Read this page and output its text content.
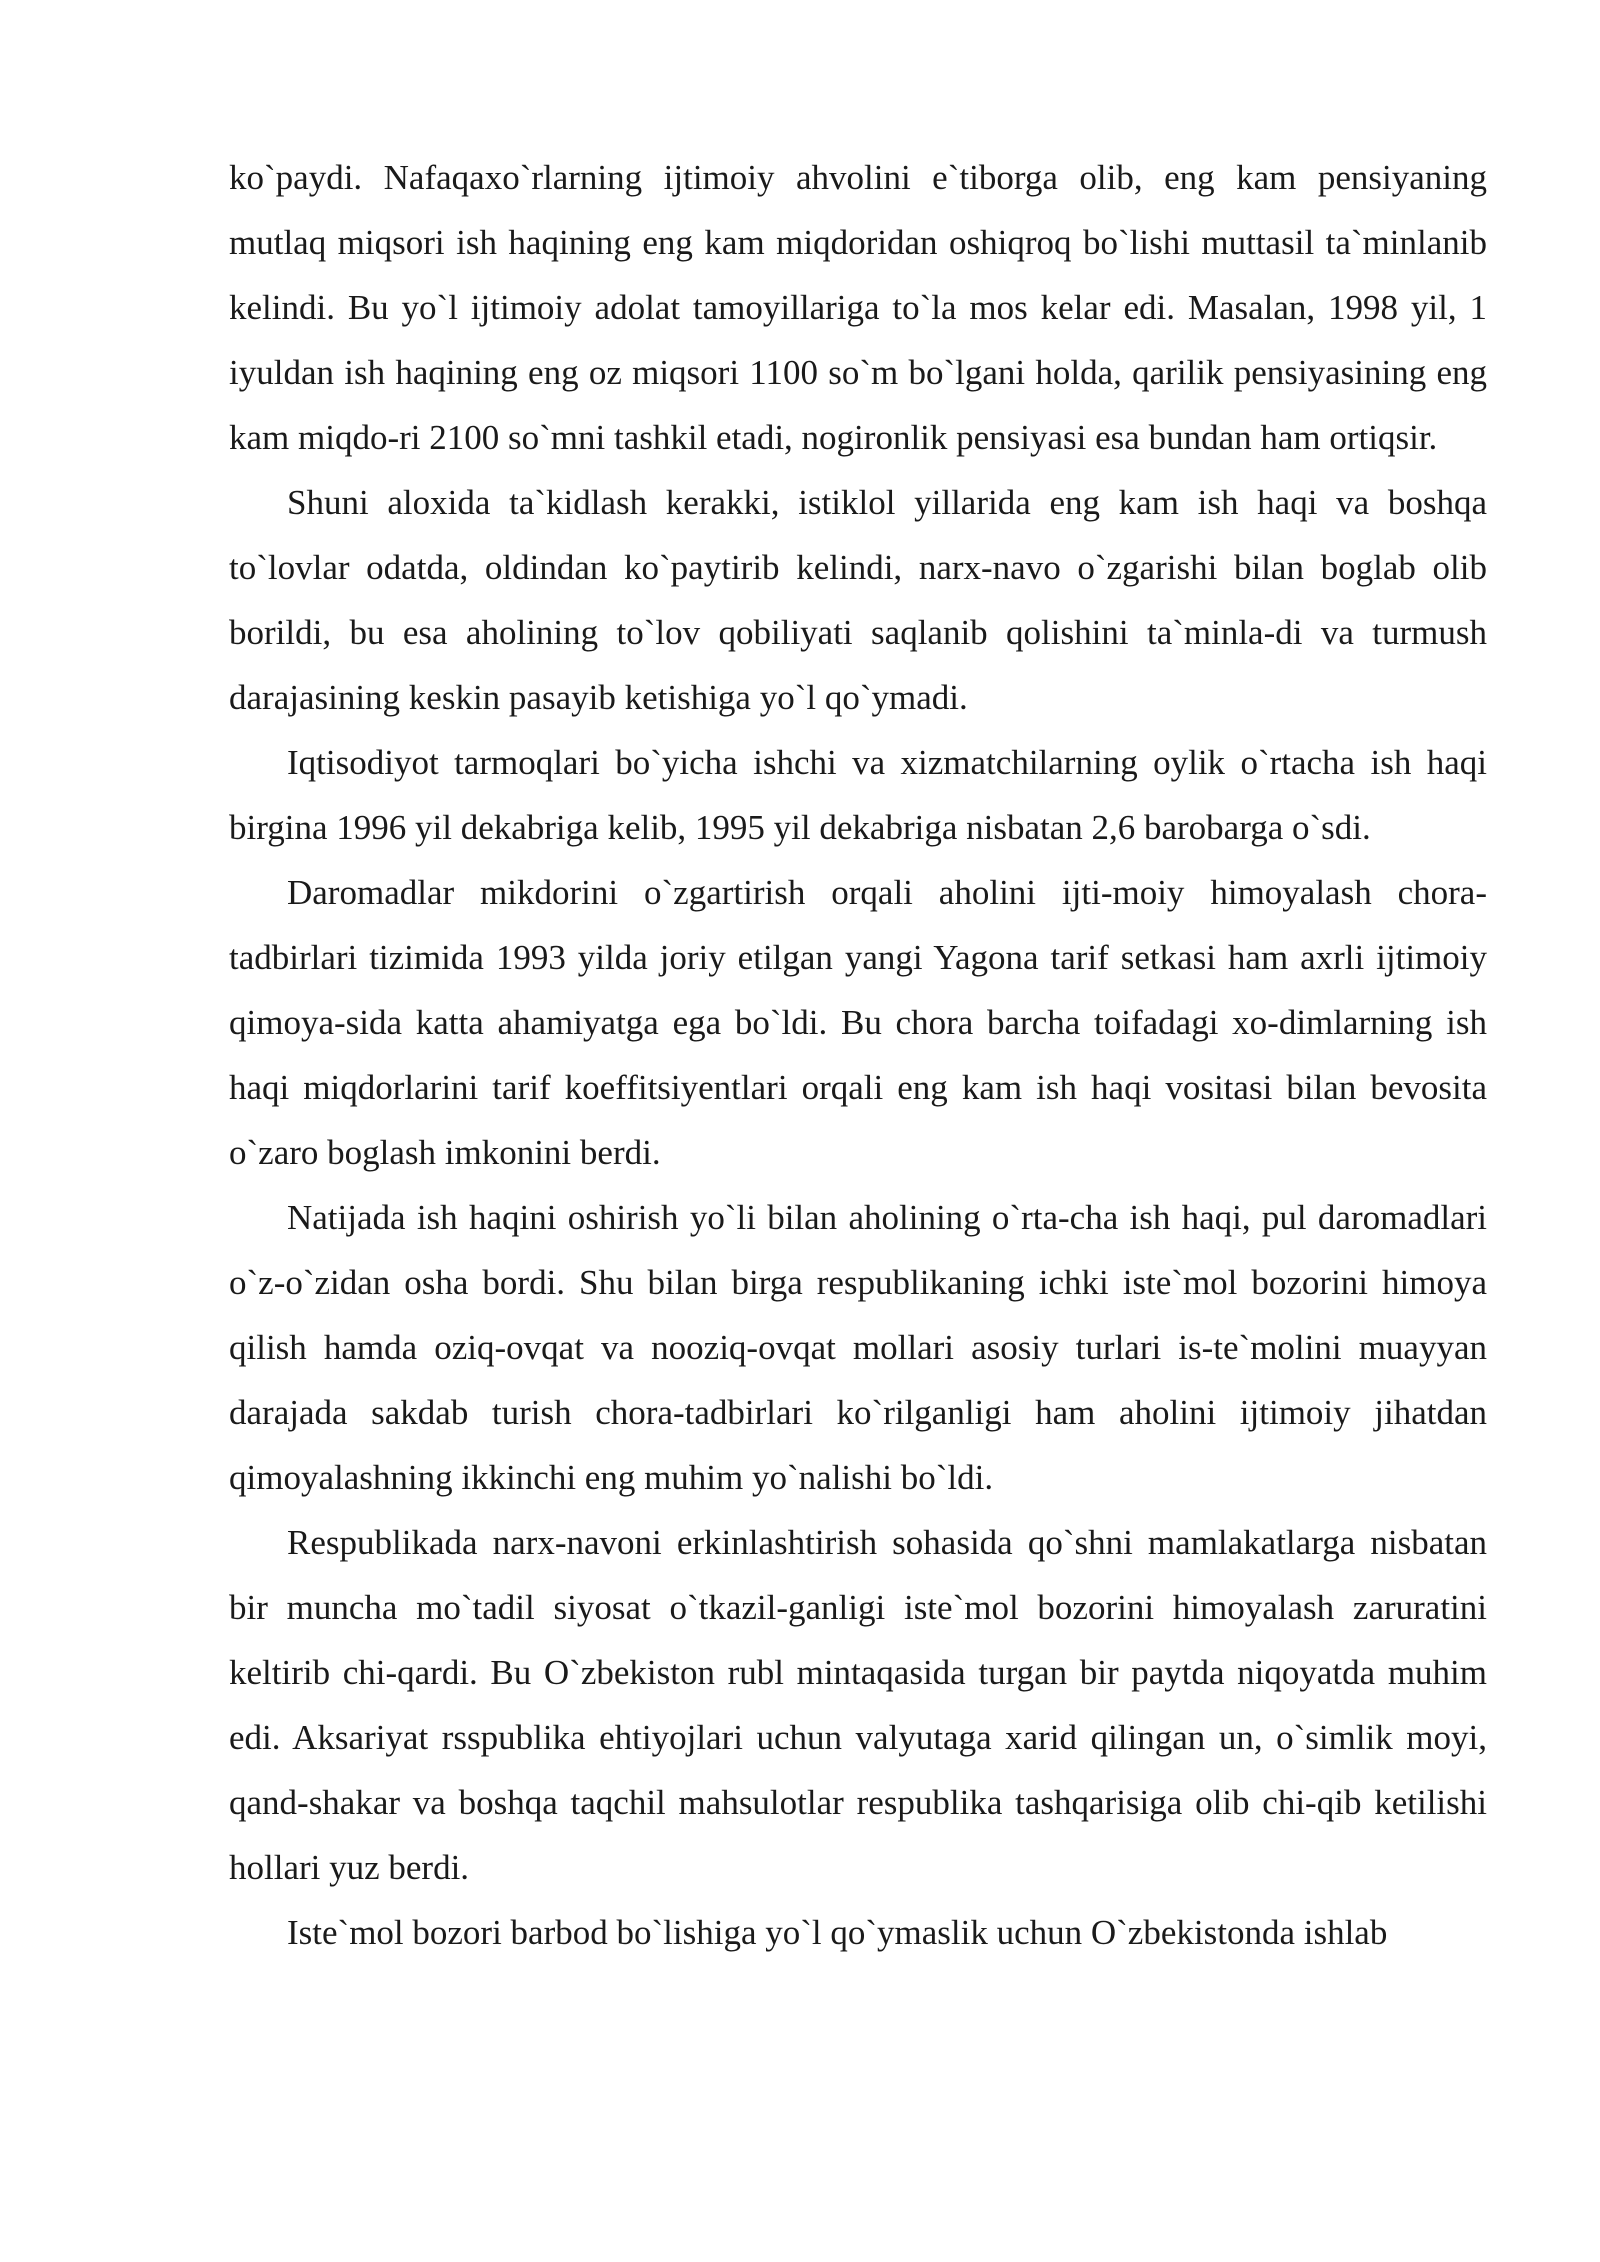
ko`paydi. Nafaqaxo`rlarning ijtimoiy ahvolini e`tiborga olib, eng kam pensiyaning mutlaq miqsori ish haqining eng kam miqdoridan oshiqroq bo`lishi muttasil ta`minlanib kelindi. Bu yo`l ijtimoiy adolat tamoyillariga to`la mos kelar edi. Masalan, 1998 yil, 1 iyuldan ish haqining eng oz miqsori 1100 so`m bo`lgani holda, qarilik pensiyasining eng kam miqdo-ri 2100 so`mni tashkil etadi, nogironlik pensiyasi esa bundan ham ortiqsir.

Shuni aloxida ta`kidlash kerakki, istiklol yillarida eng kam ish haqi va boshqa to`lovlar odatda, oldindan ko`paytirib kelindi, narx-navo o`zgarishi bilan boglab olib borildi, bu esa aholining to`lov qobiliyati saqlanib qolishini ta`minla-di va turmush darajasining keskin pasayib ketishiga yo`l qo`ymadi.

Iqtisodiyot tarmoqlari bo`yicha ishchi va xizmatchilarning oylik o`rtacha ish haqi birgina 1996 yil dekabriga kelib, 1995 yil dekabriga nisbatan 2,6 barobarga o`sdi.

Daromadlar mikdorini o`zgartirish orqali aholini ijti-moiy himoyalash chora-tadbirlari tizimida 1993 yilda joriy etilgan yangi Yagona tarif setkasi ham axrli ijtimoiy qimoya-sida katta ahamiyatga ega bo`ldi. Bu chora barcha toifadagi xo-dimlarning ish haqi miqdorlarini tarif koeffitsiyentlari orqali eng kam ish haqi vositasi bilan bevosita o`zaro boglash imkonini berdi.

Natijada ish haqini oshirish yo`li bilan aholining o`rta-cha ish haqi, pul daromadlari o`z-o`zidan osha bordi. Shu bilan birga respublikaning ichki iste`mol bozorini himoya qilish hamda oziq-ovqat va nooziq-ovqat mollari asosiy turlari is-te`molini muayyan darajada sakdab turish chora-tadbirlari ko`rilganligi ham aholini ijtimoiy jihatdan qimoyalashning ikkinchi eng muhim yo`nalishi bo`ldi.

Respublikada narx-navoni erkinlashtirish sohasida qo`shni mamlakatlarga nisbatan bir muncha mo`tadil siyosat o`tkazil-ganligi iste`mol bozorini himoyalash zaruratini keltirib chi-qardi. Bu O`zbekiston rubl mintaqasida turgan bir paytda niqoyatda muhim edi. Aksariyat rsspublika ehtiyojlari uchun valyutaga xarid qilingan un, o`simlik moyi, qand-shakar va boshqa taqchil mahsulotlar respublika tashqarisiga olib chi-qib ketilishi hollari yuz berdi.

Iste`mol bozori barbod bo`lishiga yo`l qo`ymaslik uchun O`zbekistonda ishlab
